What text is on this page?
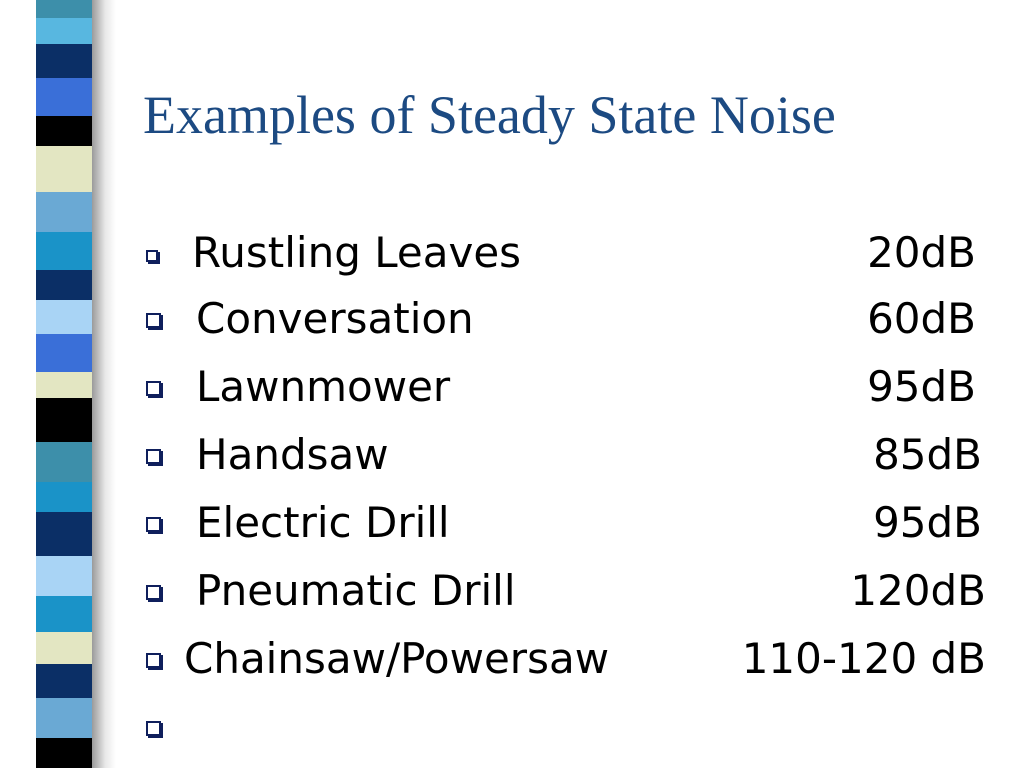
Examples of Steady State Noise
Rustling Leaves	20dB
Conversation	60dB
Lawnmower	95dB
Handsaw	85dB
Electric Drill	95dB
Pneumatic Drill	120dB
Chainsaw/Powersaw	110-120 dB
